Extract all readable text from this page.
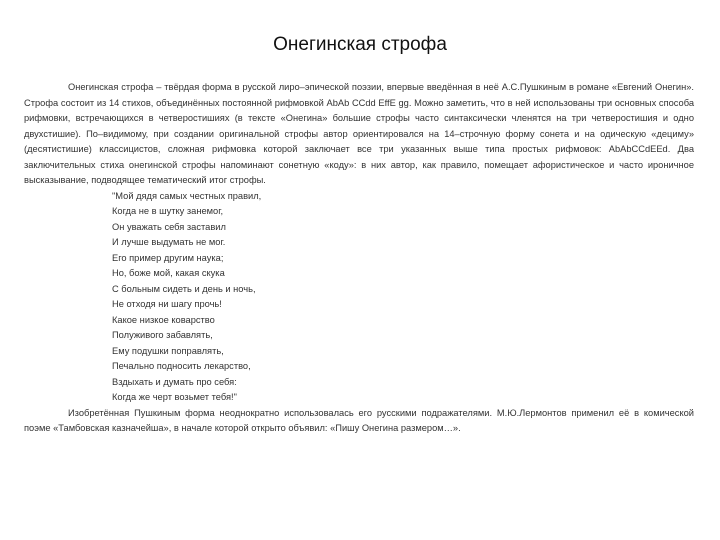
Онегинская строфа

Онегинская строфа – твёрдая форма в русской лиро–эпической поэзии, впервые введённая в неё А.С.Пушкиным в романе «Евгений Онегин». Строфа состоит из 14 стихов, объединённых постоянной рифмовкой AbAb CCdd EffE gg. Можно заметить, что в ней использованы три основных способа рифмовки, встречающихся в четверостишиях (в тексте «Онегина» большие строфы часто синтаксически членятся на три четверостишия и одно двухстишие). По–видимому, при создании оригинальной строфы автор ориентировался на 14–строчную форму сонета и на одическую «дециму» (десятистишие) классицистов, сложная рифмовка которой заключает все три указанных выше типа простых рифмовок: AbAbCCdEEd. Два заключительных стиха онегинской строфы напоминают сонетную «коду»: в них автор, как правило, помещает афористическое и часто ироничное высказывание, подводящее тематический итог строфы.

"Мой дядя самых честных правил,
Когда не в шутку занемог,
Он уважать себя заставил
И лучше выдумать не мог.
Его пример другим наука;
Но, боже мой, какая скука
С больным сидеть и день и ночь,
Не отходя ни шагу прочь!
Какое низкое коварство
Полуживого забавлять,
Ему подушки поправлять,
Печально подносить лекарство,
Вздыхать и думать про себя:
Когда же черт возьмет тебя!"

Изобретённая Пушкиным форма неоднократно использовалась его русскими подражателями. М.Ю.Лермонтов применил её в комической поэме «Тамбовская казначейша», в начале которой открыто объявил: «Пишу Онегина размером…».
